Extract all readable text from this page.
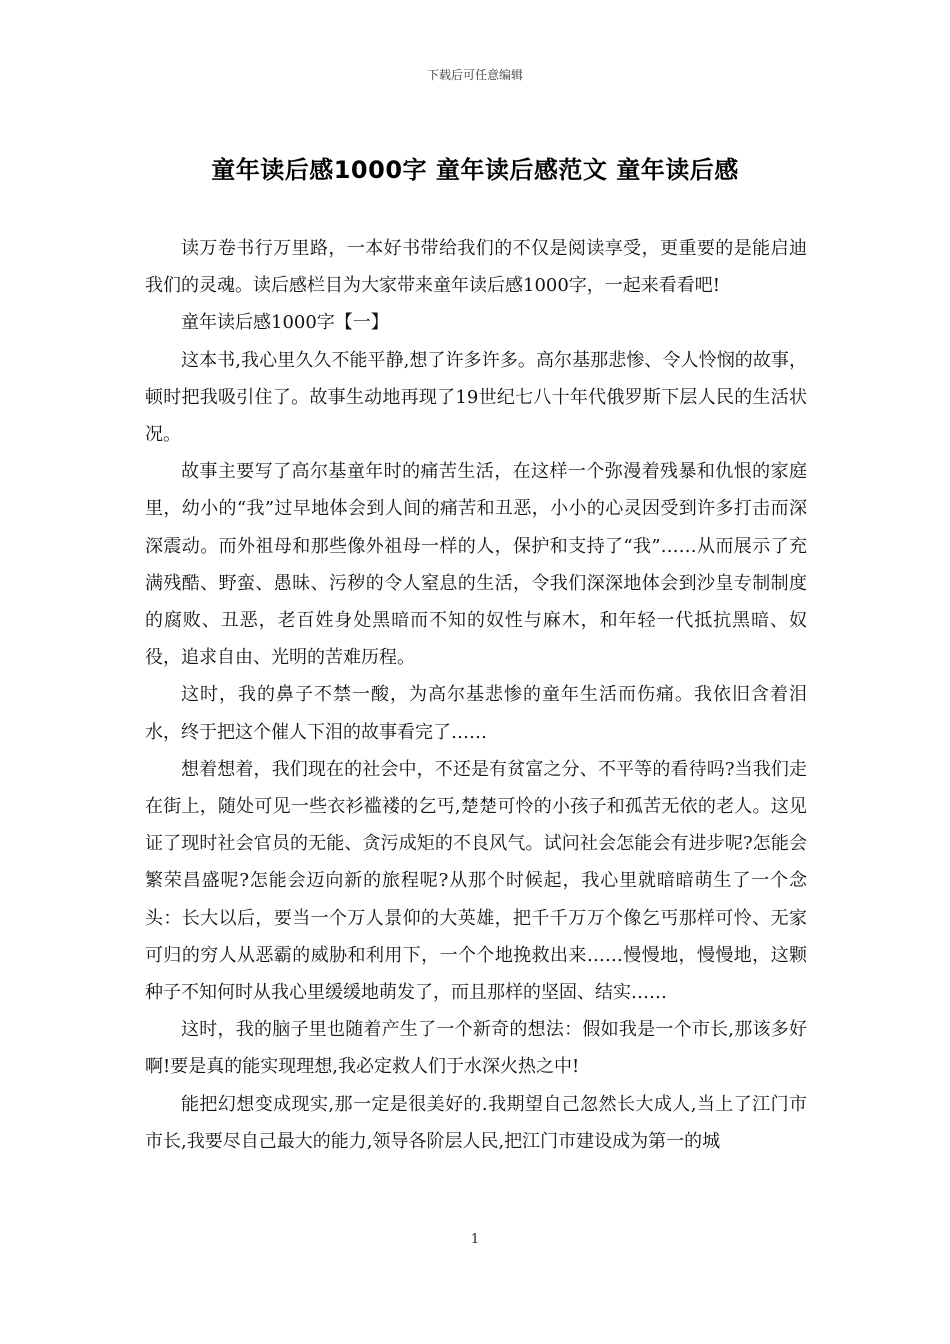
下载后可任意编辑
童年读后感1000字 童年读后感范文 童年读后感

读万卷书行万里路，一本好书带给我们的不仅是阅读享受，更重要的是能启迪我们的灵魂。读后感栏目为大家带来童年读后感1000字，一起来看看吧!

童年读后感1000字【一】

这本书,我心里久久不能平静,想了许多许多。高尔基那悲惨、令人怜悯的故事，顿时把我吸引住了。故事生动地再现了19世纪七八十年代俄罗斯下层人民的生活状况。

故事主要写了高尔基童年时的痛苦生活，在这样一个弥漫着残暴和仇恨的家庭里，幼小的“我”过早地体会到人间的痛苦和丑恶，小小的心灵因受到许多打击而深深震动。而外祖母和那些像外祖母一样的人，保护和支持了“我”……从而展示了充满残酷、野蛮、愚昧、污秽的令人窒息的生活，令我们深深地体会到沙皇专制制度的腐败、丑恶，老百姓身处黑暗而不知的奴性与麻木，和年轻一代抵抗黑暗、奴役，追求自由、光明的苦难历程。

这时，我的鼻子不禁一酸，为高尔基悲惨的童年生活而伤痛。我依旧含着泪水，终于把这个催人下泪的故事看完了……

想着想着，我们现在的社会中，不还是有贫富之分、不平等的看待吗?当我们走在街上，随处可见一些衣衫褴褛的乞丐,楚楚可怜的小孩子和孤苦无依的老人。这见证了现时社会官员的无能、贪污成矩的不良风气。试问社会怎能会有进步呢?怎能会繁荣昌盛呢?怎能会迈向新的旅程呢?从那个时候起，我心里就暗暗萌生了一个念头：长大以后，要当一个万人景仰的大英雄，把千千万万个像乞丐那样可怜、无家可归的穷人从恶霸的威胁和利用下，一个个地挽救出来……慢慢地，慢慢地，这颗种子不知何时从我心里缓缓地萌发了，而且那样的坚固、结实……

这时，我的脑子里也随着产生了一个新奇的想法：假如我是一个市长,那该多好啊!要是真的能实现理想,我必定救人们于水深火热之中!

能把幻想变成现实,那一定是很美好的.我期望自己忽然长大成人,当上了江门市市长,我要尽自己最大的能力,领导各阶层人民,把江门市建设成为第一的城

1
